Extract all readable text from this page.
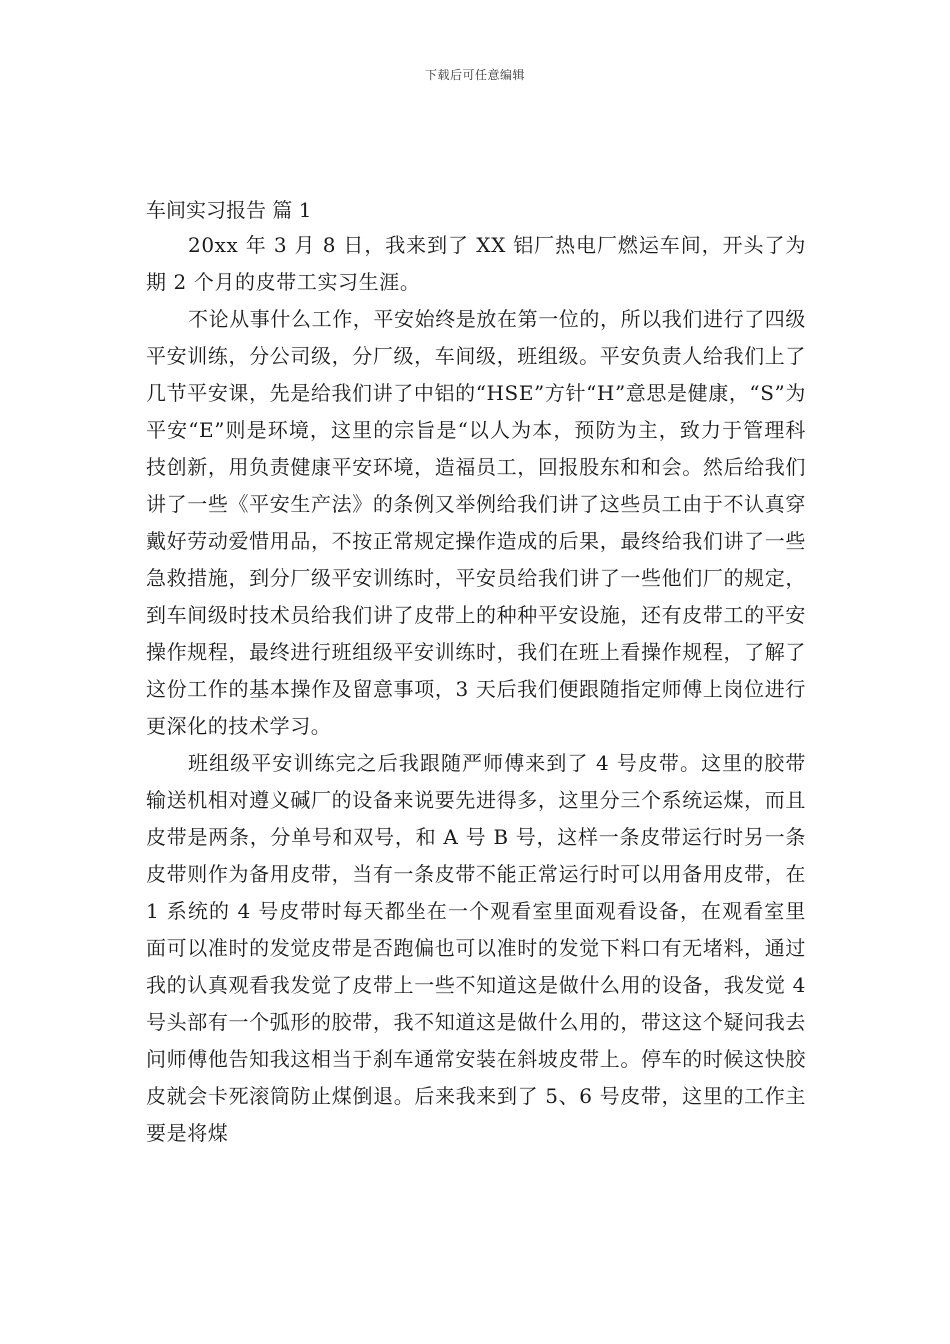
下载后可任意编辑
车间实习报告 篇 1

20xx 年 3 月 8 日，我来到了 XX 铝厂热电厂燃运车间，开头了为期 2 个月的皮带工实习生涯。

不论从事什么工作，平安始终是放在第一位的，所以我们进行了四级平安训练，分公司级，分厂级，车间级，班组级。平安负责人给我们上了几节平安课，先是给我们讲了中铝的“HSE”方针“H”意思是健康，“S”为平安“E”则是环境，这里的宗旨是“以人为本，预防为主，致力于管理科技创新，用负责健康平安环境，造福员工，回报股东和和会。然后给我们讲了一些《平安生产法》的条例又举例给我们讲了这些员工由于不认真穿戴好劳动爱惜用品，不按正常规定操作造成的后果，最终给我们讲了一些急救措施，到分厂级平安训练时，平安员给我们讲了一些他们厂的规定，到车间级时技术员给我们讲了皮带上的种种平安设施，还有皮带工的平安操作规程，最终进行班组级平安训练时，我们在班上看操作规程，了解了这份工作的基本操作及留意事项，3 天后我们便跟随指定师傅上岗位进行更深化的技术学习。

班组级平安训练完之后我跟随严师傅来到了 4 号皮带。这里的胶带输送机相对遵义碱厂的设备来说要先进得多，这里分三个系统运煤，而且皮带是两条，分单号和双号，和 A 号 B 号，这样一条皮带运行时另一条皮带则作为备用皮带，当有一条皮带不能正常运行时可以用备用皮带，在 1 系统的 4 号皮带时每天都坐在一个观看室里面观看设备，在观看室里面可以准时的发觉皮带是否跑偏也可以准时的发觉下料口有无堵料，通过我的认真观看我发觉了皮带上一些不知道这是做什么用的设备，我发觉 4 号头部有一个弧形的胶带，我不知道这是做什么用的，带这这个疑问我去问师傅他告知我这相当于刹车通常安装在斜坡皮带上。停车的时候这快胶皮就会卡死滚筒防止煤倒退。后来我来到了 5、6 号皮带，这里的工作主要是将煤
